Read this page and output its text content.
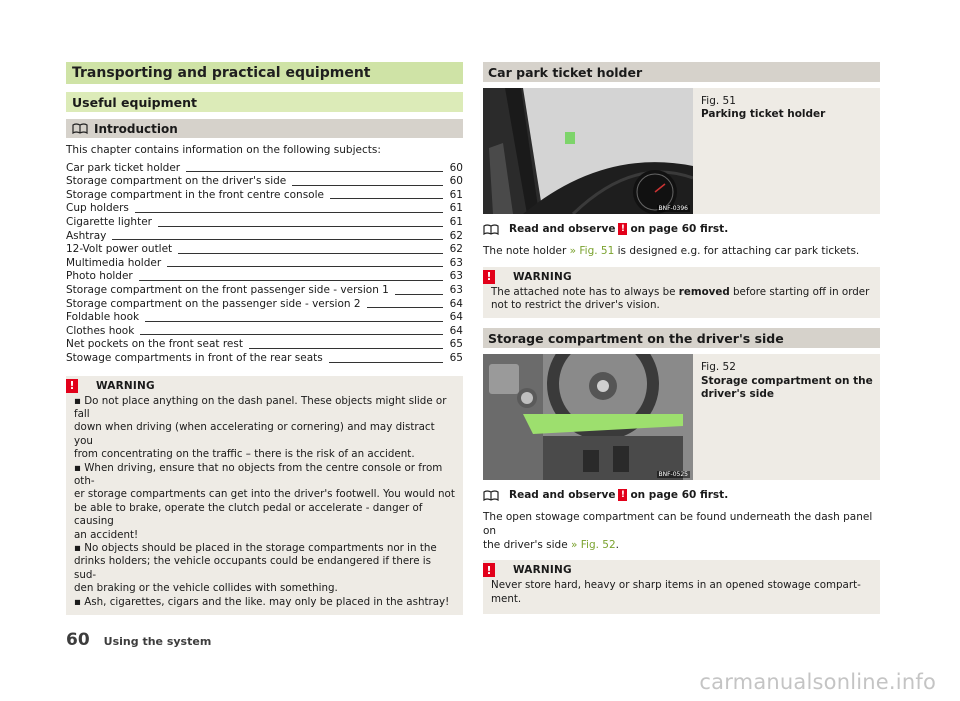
Transporting and practical equipment
Useful equipment
Introduction

This chapter contains information on the following subjects:

Car park ticket holder	60
Storage compartment on the driver's side	60
Storage compartment in the front centre console	61
Cup holders	61
Cigarette lighter	61
Ashtray	62
12-Volt power outlet	62
Multimedia holder	63
Photo holder	63
Storage compartment on the front passenger side - version 1	63
Storage compartment on the passenger side - version 2	64
Foldable hook	64
Clothes hook	64
Net pockets on the front seat rest	65
Stowage compartments in front of the rear seats	65
!	WARNING
▪ Do not place anything on the dash panel. These objects might slide or fall
down when driving (when accelerating or cornering) and may distract you
from concentrating on the traffic – there is the risk of an accident.
▪ When driving, ensure that no objects from the centre console or from oth-
er storage compartments can get into the driver's footwell. You would not
be able to brake, operate the clutch pedal or accelerate - danger of causing
an accident!
▪ No objects should be placed in the storage compartments nor in the
drinks holders; the vehicle occupants could be endangered if there is sud-
den braking or the vehicle collides with something.
▪ Ash, cigarettes, cigars and the like. may only be placed in the ashtray!
Car park ticket holder
BNF-0396
Fig. 51
Parking ticket holder
Read and observe ! on page 60 first.

The note holder » Fig. 51 is designed e.g. for attaching car park tickets.

!	WARNING
The attached note has to always be removed before starting off in order
not to restrict the driver's vision.
Storage compartment on the driver's side
BNF-0525
Fig. 52
Storage compartment on the
driver's side
Read and observe ! on page 60 first.

The open stowage compartment can be found underneath the dash panel on
the driver's side » Fig. 52.

!	WARNING
Never store hard, heavy or sharp items in an opened stowage compart-
ment.
60 Using the system
carmanualsonline.info
